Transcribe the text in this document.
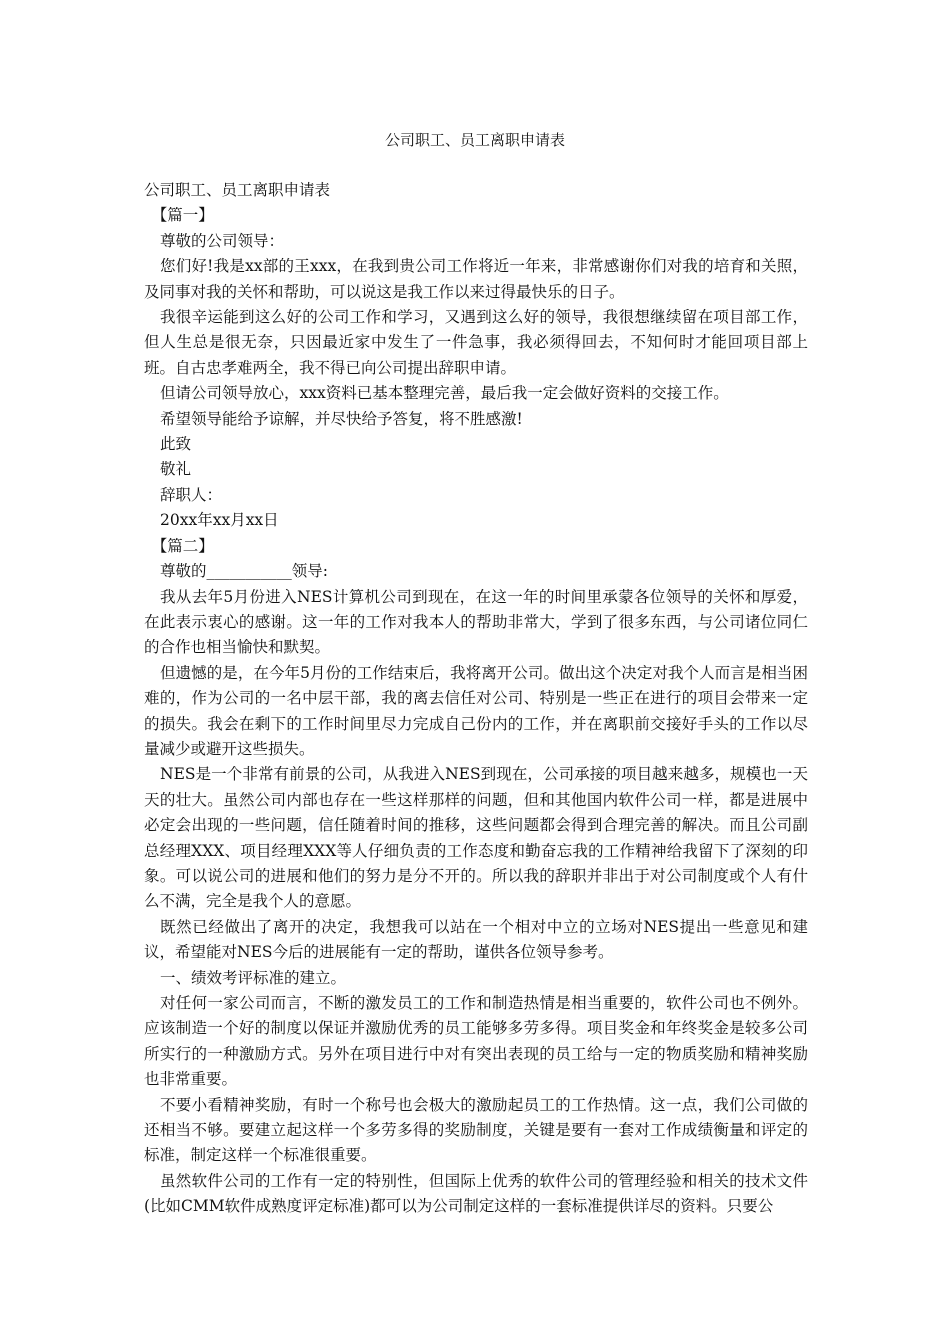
公司职工、员工离职申请表

公司职工、员工离职申请表

　【篇一】

尊敬的公司领导：

您们好!我是xx部的王xxx，在我到贵公司工作将近一年来，非常感谢你们对我的培育和关照，及同事对我的关怀和帮助，可以说这是我工作以来过得最快乐的日子。

我很辛运能到这么好的公司工作和学习，又遇到这么好的领导，我很想继续留在项目部工作，但人生总是很无奈，只因最近家中发生了一件急事，我必须得回去，不知何时才能回项目部上班。自古忠孝难两全，我不得已向公司提出辞职申请。

但请公司领导放心，xxx资料已基本整理完善，最后我一定会做好资料的交接工作。

希望领导能给予谅解，并尽快给予答复，将不胜感激!

此致

敬礼

辞职人：

20xx年xx月xx日

　【篇二】

尊敬的___________领导:

我从去年5月份进入NES计算机公司到现在，在这一年的时间里承蒙各位领导的关怀和厚爱，在此表示衷心的感谢。这一年的工作对我本人的帮助非常大，学到了很多东西，与公司诸位同仁的合作也相当愉快和默契。

但遗憾的是，在今年5月份的工作结束后，我将离开公司。做出这个决定对我个人而言是相当困难的，作为公司的一名中层干部，我的离去信任对公司、特别是一些正在进行的项目会带来一定的损失。我会在剩下的工作时间里尽力完成自己份内的工作，并在离职前交接好手头的工作以尽量减少或避开这些损失。

NES是一个非常有前景的公司，从我进入NES到现在，公司承接的项目越来越多，规模也一天天的壮大。虽然公司内部也存在一些这样那样的问题，但和其他国内软件公司一样，都是进展中必定会出现的一些问题，信任随着时间的推移，这些问题都会得到合理完善的解决。而且公司副总经理XXX、项目经理XXX等人仔细负责的工作态度和勤奋忘我的工作精神给我留下了深刻的印象。可以说公司的进展和他们的努力是分不开的。所以我的辞职并非出于对公司制度或个人有什么不满，完全是我个人的意愿。

既然已经做出了离开的决定，我想我可以站在一个相对中立的立场对NES提出一些意见和建议，希望能对NES今后的进展能有一定的帮助，谨供各位领导参考。

一、绩效考评标准的建立。

对任何一家公司而言，不断的激发员工的工作和制造热情是相当重要的，软件公司也不例外。应该制造一个好的制度以保证并激励优秀的员工能够多劳多得。项目奖金和年终奖金是较多公司所实行的一种激励方式。另外在项目进行中对有突出表现的员工给与一定的物质奖励和精神奖励也非常重要。

不要小看精神奖励，有时一个称号也会极大的激励起员工的工作热情。这一点，我们公司做的还相当不够。要建立起这样一个多劳多得的奖励制度，关键是要有一套对工作成绩衡量和评定的标准，制定这样一个标准很重要。

虽然软件公司的工作有一定的特别性，但国际上优秀的软件公司的管理经验和相关的技术文件(比如CMM软件成熟度评定标准)都可以为公司制定这样的一套标准提供详尽的资料。只要公
